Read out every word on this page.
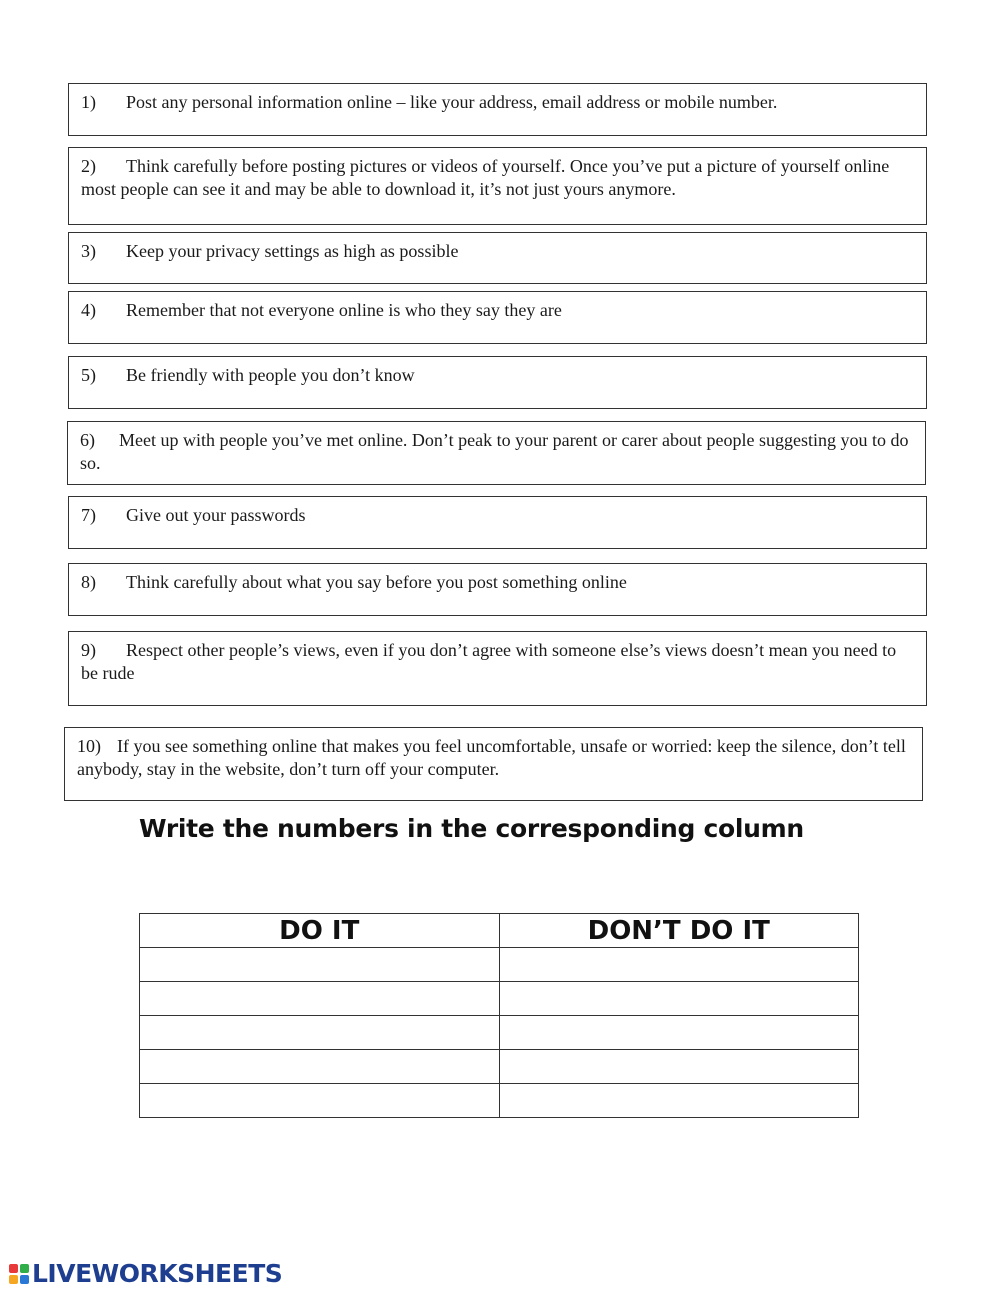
1) Post any personal information online – like your address, email address or mobile number.
2) Think carefully before posting pictures or videos of yourself. Once you’ve put a picture of yourself online most people can see it and may be able to download it, it’s not just yours anymore.
3) Keep your privacy settings as high as possible
4) Remember that not everyone online is who they say they are
5) Be friendly with people you don’t know
6) Meet up with people you’ve met online. Don’t peak to your parent or carer about people suggesting you to do so.
7) Give out your passwords
8) Think carefully about what you say before you post something online
9) Respect other people’s views, even if you don’t agree with someone else’s views doesn’t mean you need to be rude
10) If you see something online that makes you feel uncomfortable, unsafe or worried: keep the silence, don’t tell anybody, stay in the website, don’t turn off your computer.
Write the numbers in the corresponding column
DO IT	DON’T DO IT

LIVEWORKSHEETS
